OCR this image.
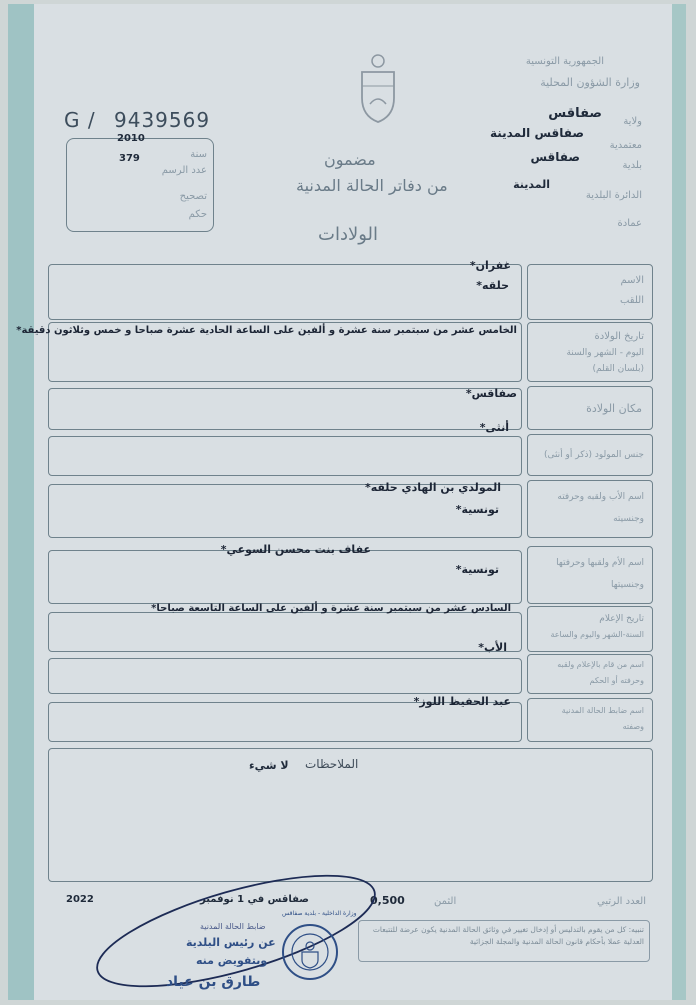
الجمهورية التونسية
وزارة الشؤون المحلية
ولاية
صفاقس
معتمدية
صفاقس المدينة
بلدية
صفاقس
الدائرة البلدية
المدينة
عمادة
G / 9439569
سنة
2010
عدد الرسم
379
تصحيح
حكم
مضمون
من دفاتر الحالة المدنية
الولادات
غفران*
حلقه*	الاسم
اللقب
الخامس عشر من سبتمبر سنة عشرة و ألفين على الساعة الحادية عشرة صباحا و خمس وثلاثون دقيقة*
تاريخ الولادة
اليوم - الشهر والسنة
(بلسان القلم)
صفاقس*
أنثى*
مكان الولادة
جنس المولود (ذكر أو أنثى)
المولدي بن الهادي حلقه*
تونسية*
اسم الأب ولقبه وحرفته
وجنسيته
عفاف بنت محسن السوعي*
تونسية*	اسم الأم ولقبها وحرفتها
وجنسيتها
السادس عشر من سبتمبر سنة عشرة و ألفين على الساعة التاسعة صباحا*
الأب*
تاريخ الإعلام
السنة-الشهر واليوم والساعة
اسم من قام بالإعلام ولقبه
وحرفته أو الحكم
عبد الحفيظ اللوز*
اسم ضابط الحالة المدنية
وصفته
الملاحظات
لا شيء
العدد الرتبي
الثمن
0,500
صفاقس في 1 نوفمبر
2022
تنبيه: كل من يقوم بالتدليس أو إدخال تغيير في وثائق الحالة المدنية يكون عرضة للتتبعات العدلية عملا بأحكام قانون الحالة المدنية والمجلة الجزائية
ضابط الحالة المدنية
عن رئيس البلدية
وبتفويض منه
طارق بن عياد
وزارة الداخلية - بلدية صفاقس
